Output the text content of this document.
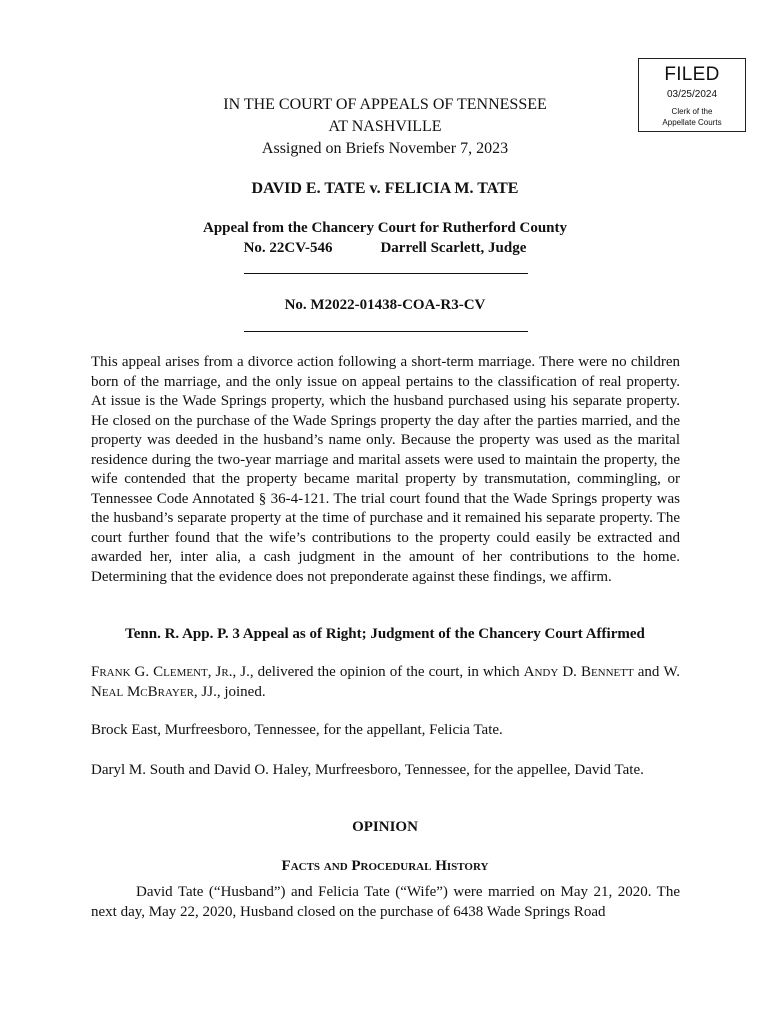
FILED
03/25/2024
Clerk of the
Appellate Courts
IN THE COURT OF APPEALS OF TENNESSEE
AT NASHVILLE
Assigned on Briefs November 7, 2023
DAVID E. TATE v. FELICIA M. TATE
Appeal from the Chancery Court for Rutherford County
No. 22CV-546	Darrell Scarlett, Judge
No. M2022-01438-COA-R3-CV

This appeal arises from a divorce action following a short-term marriage. There were no children born of the marriage, and the only issue on appeal pertains to the classification of real property. At issue is the Wade Springs property, which the husband purchased using his separate property. He closed on the purchase of the Wade Springs property the day after the parties married, and the property was deeded in the husband’s name only. Because the property was used as the marital residence during the two-year marriage and marital assets were used to maintain the property, the wife contended that the property became marital property by transmutation, commingling, or Tennessee Code Annotated § 36-4-121. The trial court found that the Wade Springs property was the husband’s separate property at the time of purchase and it remained his separate property. The court further found that the wife’s contributions to the property could easily be extracted and awarded her, inter alia, a cash judgment in the amount of her contributions to the home. Determining that the evidence does not preponderate against these findings, we affirm.

Tenn. R. App. P. 3 Appeal as of Right; Judgment of the Chancery Court Affirmed

Frank G. Clement, Jr., J., delivered the opinion of the court, in which Andy D. Bennett and W. Neal McBrayer, JJ., joined.

Brock East, Murfreesboro, Tennessee, for the appellant, Felicia Tate.

Daryl M. South and David O. Haley, Murfreesboro, Tennessee, for the appellee, David Tate.

OPINION
Facts and Procedural History

David Tate (“Husband”) and Felicia Tate (“Wife”) were married on May 21, 2020. The next day, May 22, 2020, Husband closed on the purchase of 6438 Wade Springs Road
